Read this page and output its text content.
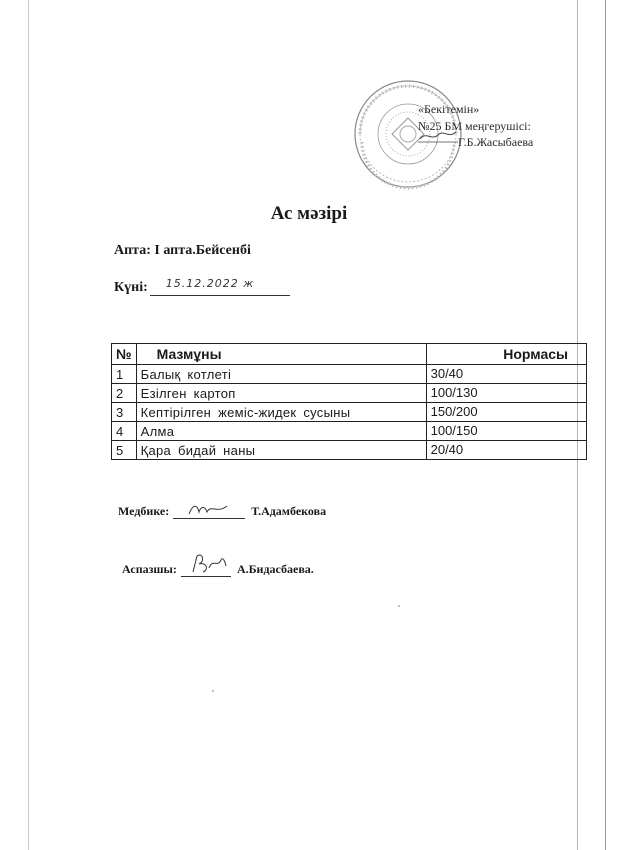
«Бекітемін»
№25 БМ меңгерушісі:
Г.Б.Жасыбаева
Ас мәзірі
Апта: I апта.Бейсенбі
Күні: 15.12.2022 ж
№	Мазмұны	Нормасы
1	Балық котлеті	30/40
2	Езілген картоп	100/130
3	Кептірілген жеміс-жидек сусыны	150/200
4	Алма	100/150
5	Қара бидай наны	20/40
Медбике:	Т.Адамбекова
Аспазшы:	А.Бидасбаева.
